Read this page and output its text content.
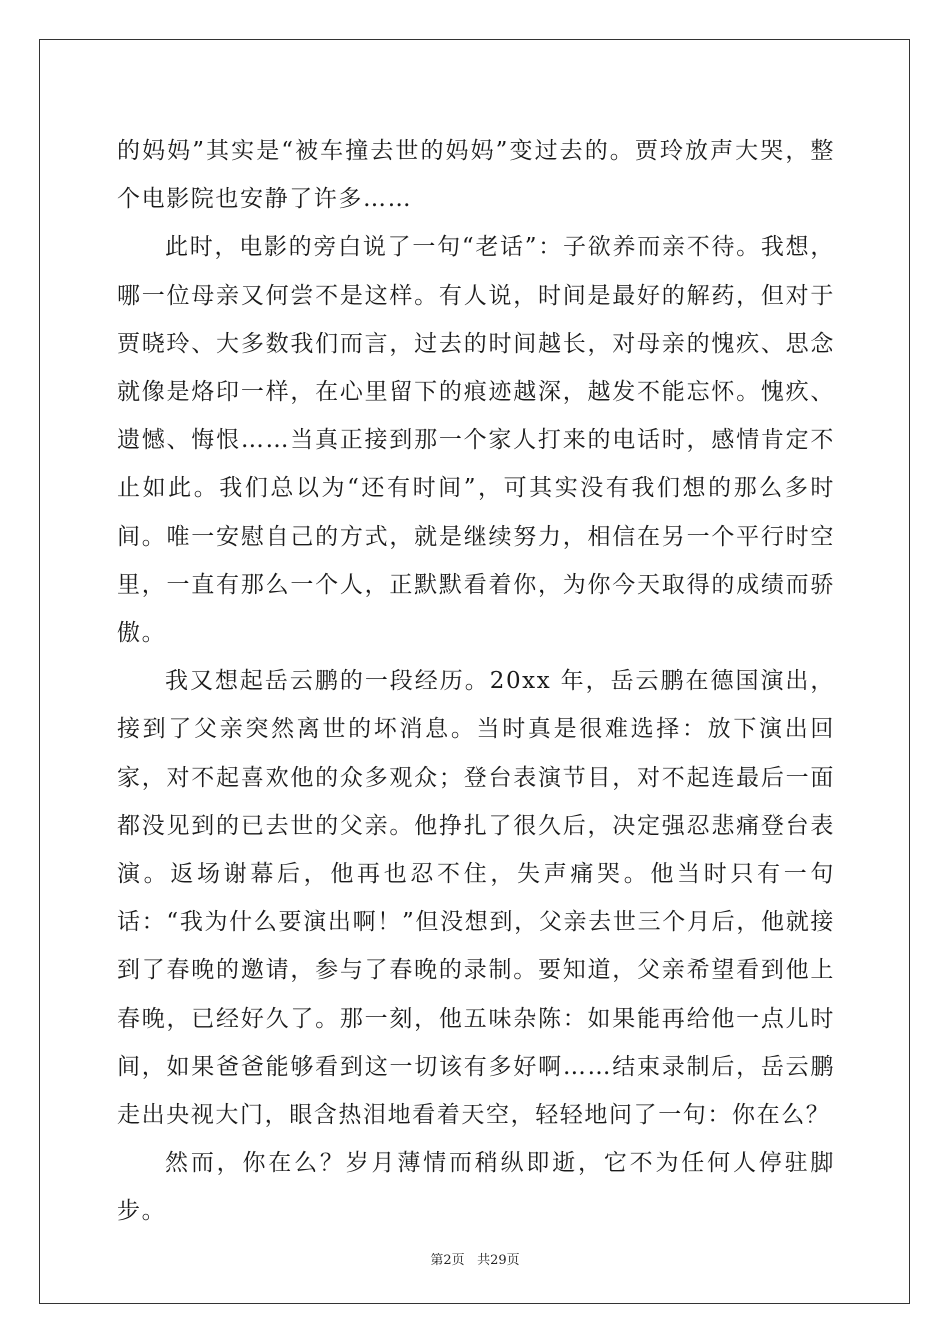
的妈妈”其实是“被车撞去世的妈妈”变过去的。贾玲放声大哭，整个电影院也安静了许多……

此时，电影的旁白说了一句“老话”：子欲养而亲不待。我想，哪一位母亲又何尝不是这样。有人说，时间是最好的解药，但对于贾晓玲、大多数我们而言，过去的时间越长，对母亲的愧疚、思念就像是烙印一样，在心里留下的痕迹越深，越发不能忘怀。愧疚、遗憾、悔恨……当真正接到那一个家人打来的电话时，感情肯定不止如此。我们总以为“还有时间”，可其实没有我们想的那么多时间。唯一安慰自己的方式，就是继续努力，相信在另一个平行时空里，一直有那么一个人，正默默看着你，为你今天取得的成绩而骄傲。

我又想起岳云鹏的一段经历。20xx 年，岳云鹏在德国演出，接到了父亲突然离世的坏消息。当时真是很难选择：放下演出回家，对不起喜欢他的众多观众；登台表演节目，对不起连最后一面都没见到的已去世的父亲。他挣扎了很久后，决定强忍悲痛登台表演。返场谢幕后，他再也忍不住，失声痛哭。他当时只有一句话：“我为什么要演出啊！”但没想到，父亲去世三个月后，他就接到了春晚的邀请，参与了春晚的录制。要知道，父亲希望看到他上春晚，已经好久了。那一刻，他五味杂陈：如果能再给他一点儿时间，如果爸爸能够看到这一切该有多好啊……结束录制后，岳云鹏走出央视大门，眼含热泪地看着天空，轻轻地问了一句：你在么？

然而，你在么？岁月薄情而稍纵即逝，它不为任何人停驻脚步。

第2页 共29页
